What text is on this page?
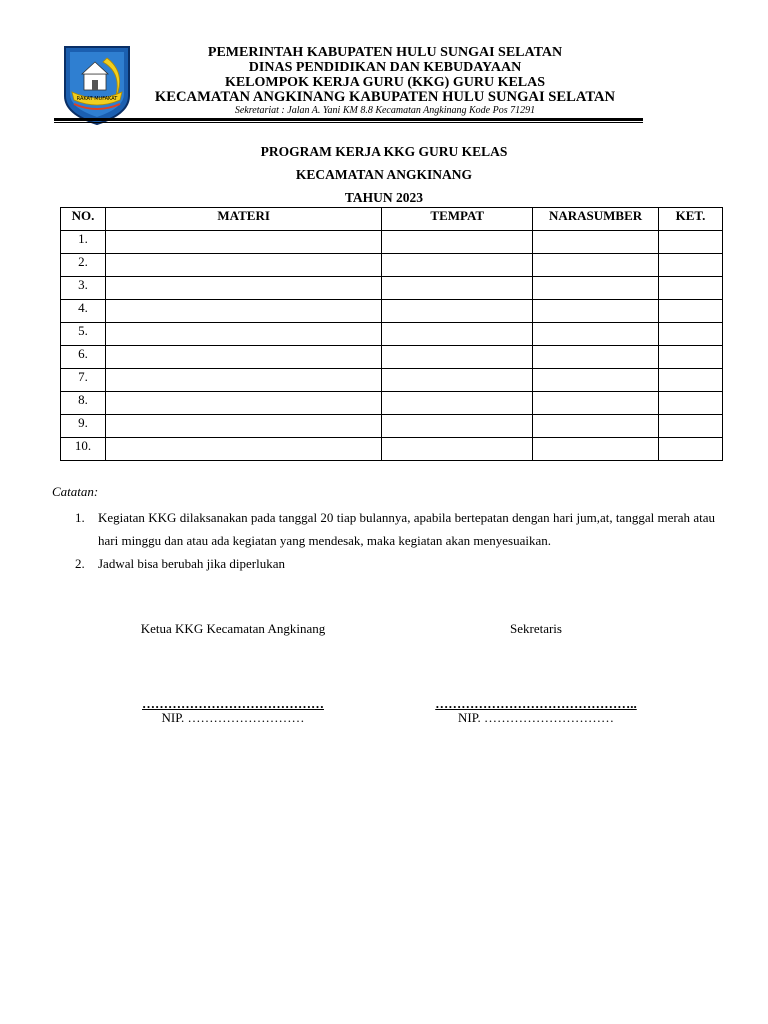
RAKAT MUFAKAT
PEMERINTAH KABUPATEN HULU SUNGAI SELATAN
DINAS PENDIDIKAN DAN KEBUDAYAAN
KELOMPOK KERJA GURU (KKG) GURU KELAS
KECAMATAN ANGKINANG KABUPATEN HULU SUNGAI SELATAN
Sekretariat : Jalan A. Yani KM 8.8 Kecamatan Angkinang Kode Pos 71291
PROGRAM KERJA KKG GURU KELAS
KECAMATAN ANGKINANG
TAHUN 2023
NO.	MATERI	TEMPAT	NARASUMBER	KET.
1.				
2.				
3.				
4.				
5.				
6.				
7.				
8.				
9.				
10.				
Catatan:
1.	Kegiatan KKG dilaksanakan pada tanggal 20 tiap bulannya, apabila bertepatan dengan hari jum,at, tanggal merah atau hari minggu dan atau ada kegiatan yang mendesak, maka kegiatan akan menyesuaikan.
2.	Jadwal bisa berubah jika diperlukan
Ketua KKG Kecamatan Angkinang
……………………………………
NIP. ………………………
Sekretaris
………………………………………..
NIP. …………………………
